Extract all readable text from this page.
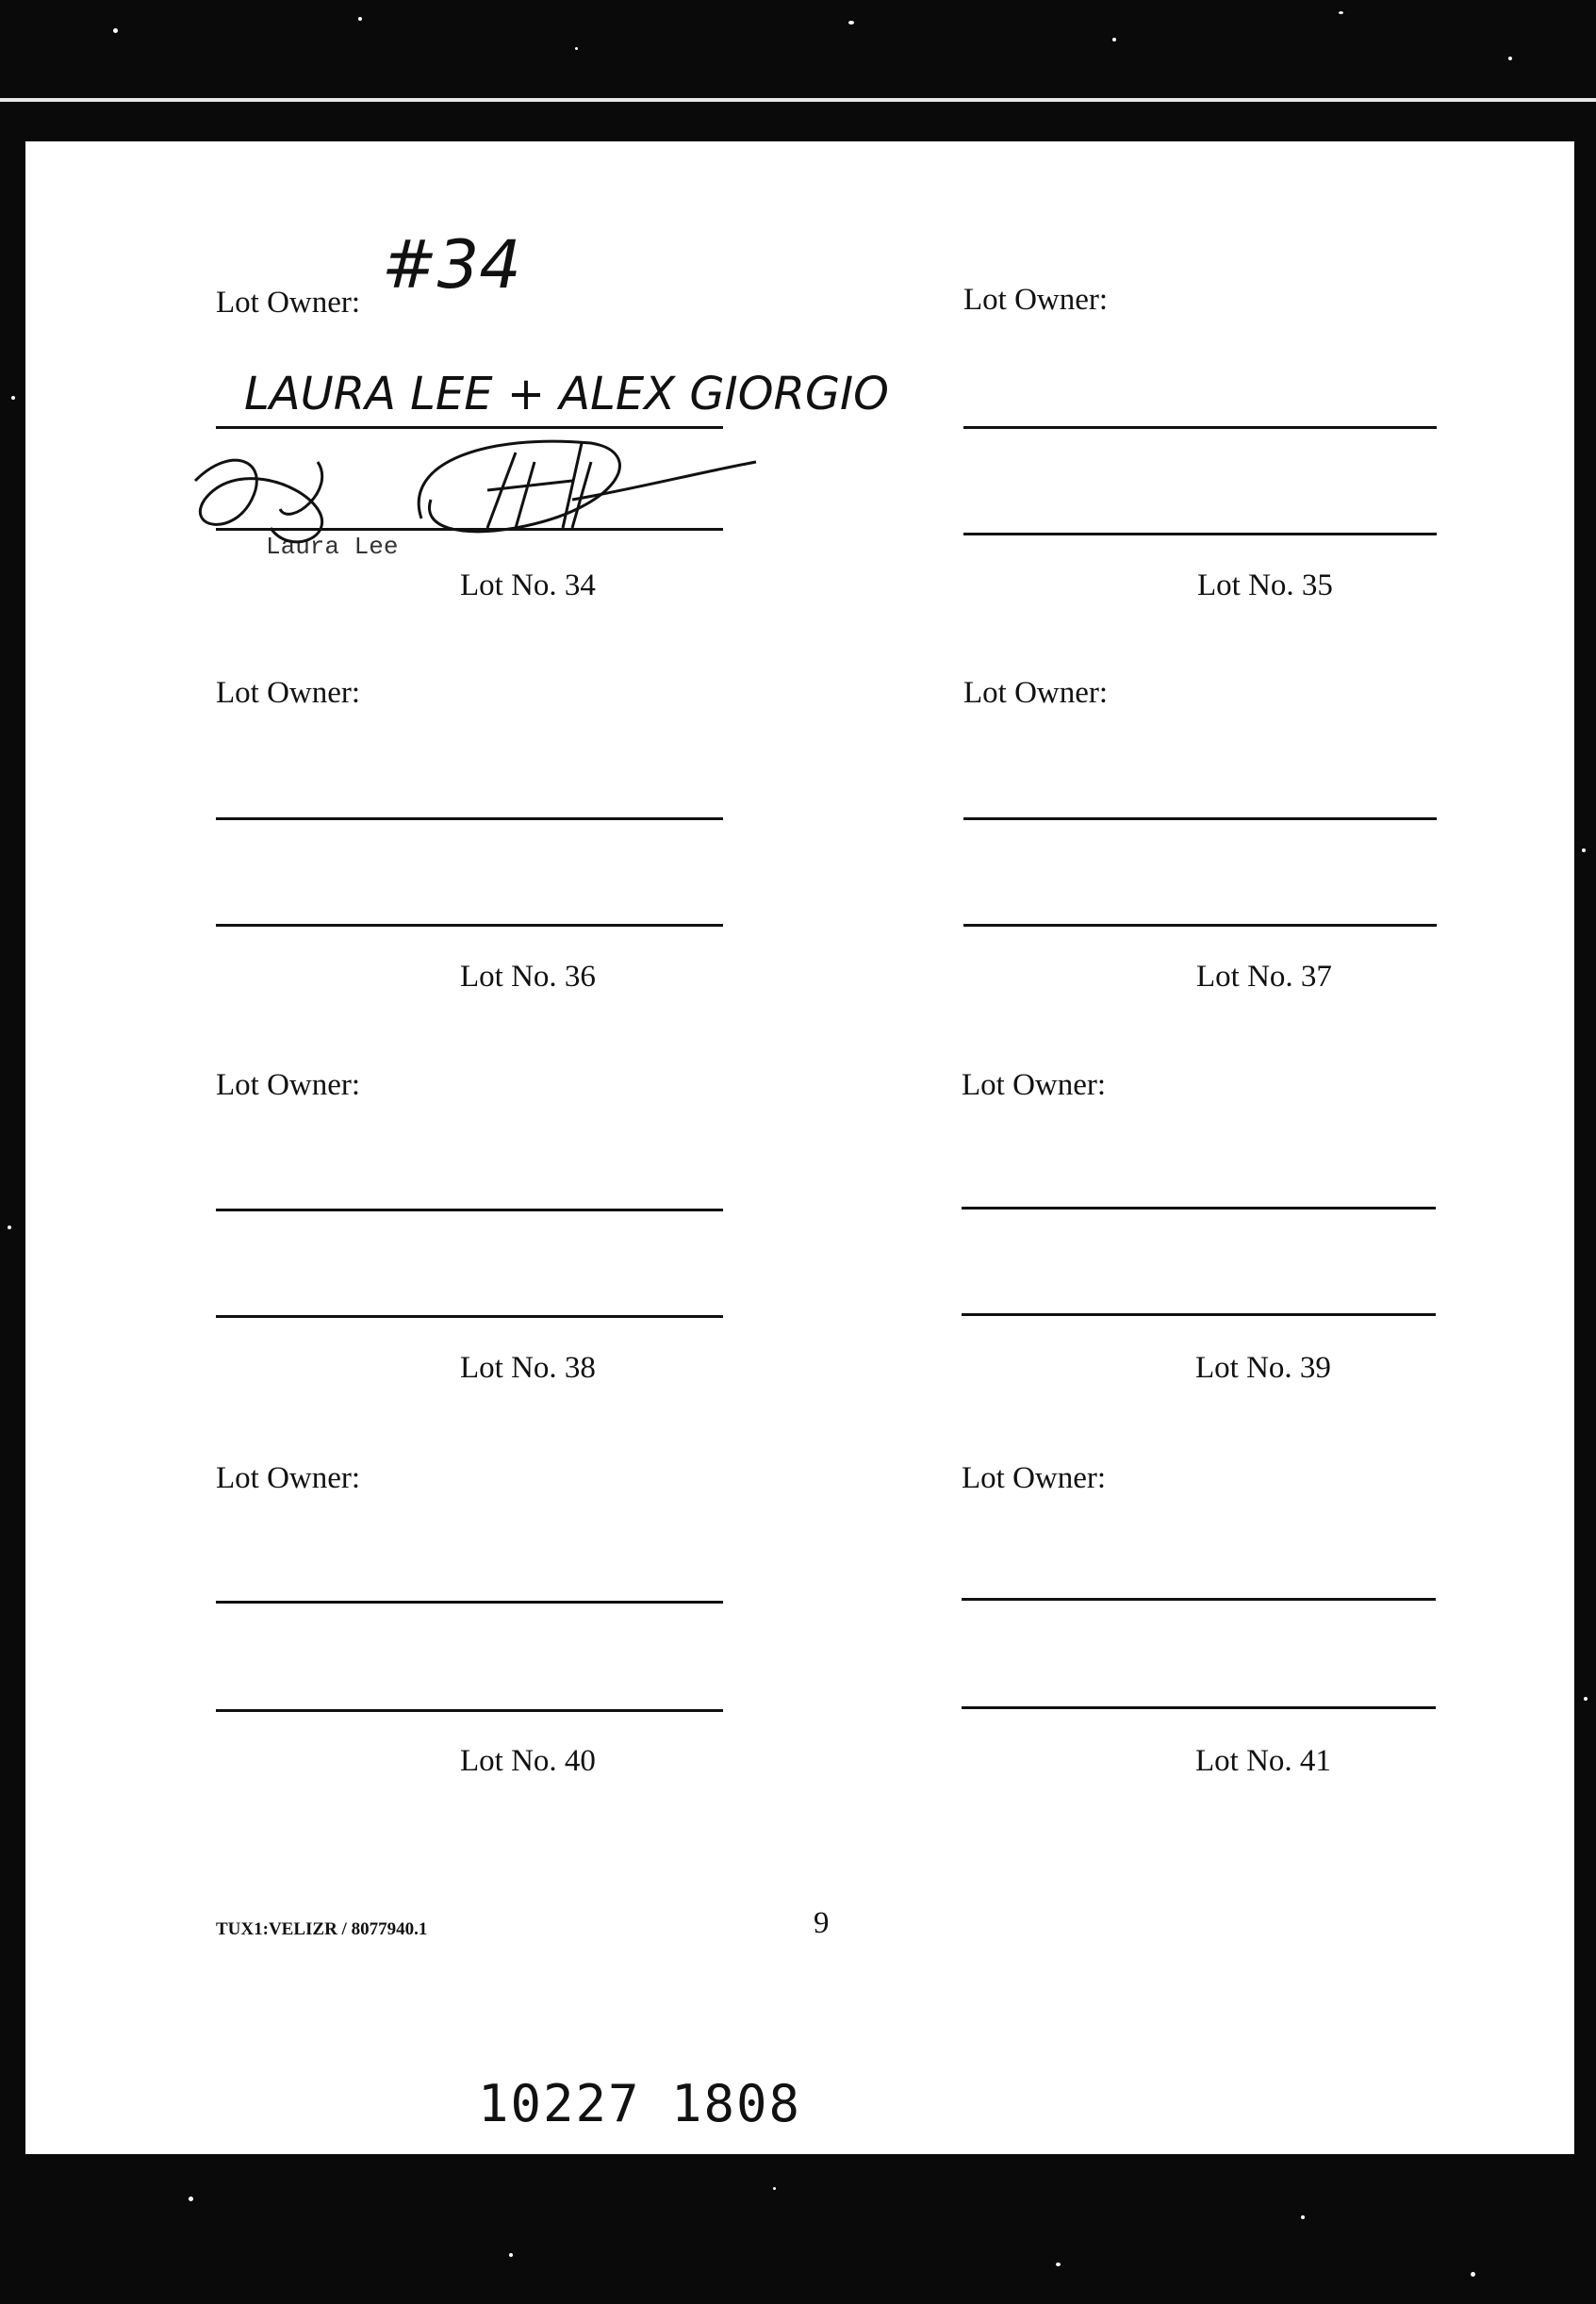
Lot Owner: #34
LAURA LEE + ALEX GIORGIO
Laura Lee
Lot No. 34
Lot Owner:
Lot No. 35
Lot Owner:
Lot No. 36
Lot Owner:
Lot No. 37
Lot Owner:
Lot No. 38
Lot Owner:
Lot No. 39
Lot Owner:
Lot No. 40
Lot Owner:
Lot No. 41
TUX1:VELIZR / 8077940.1	9
10227 1808
